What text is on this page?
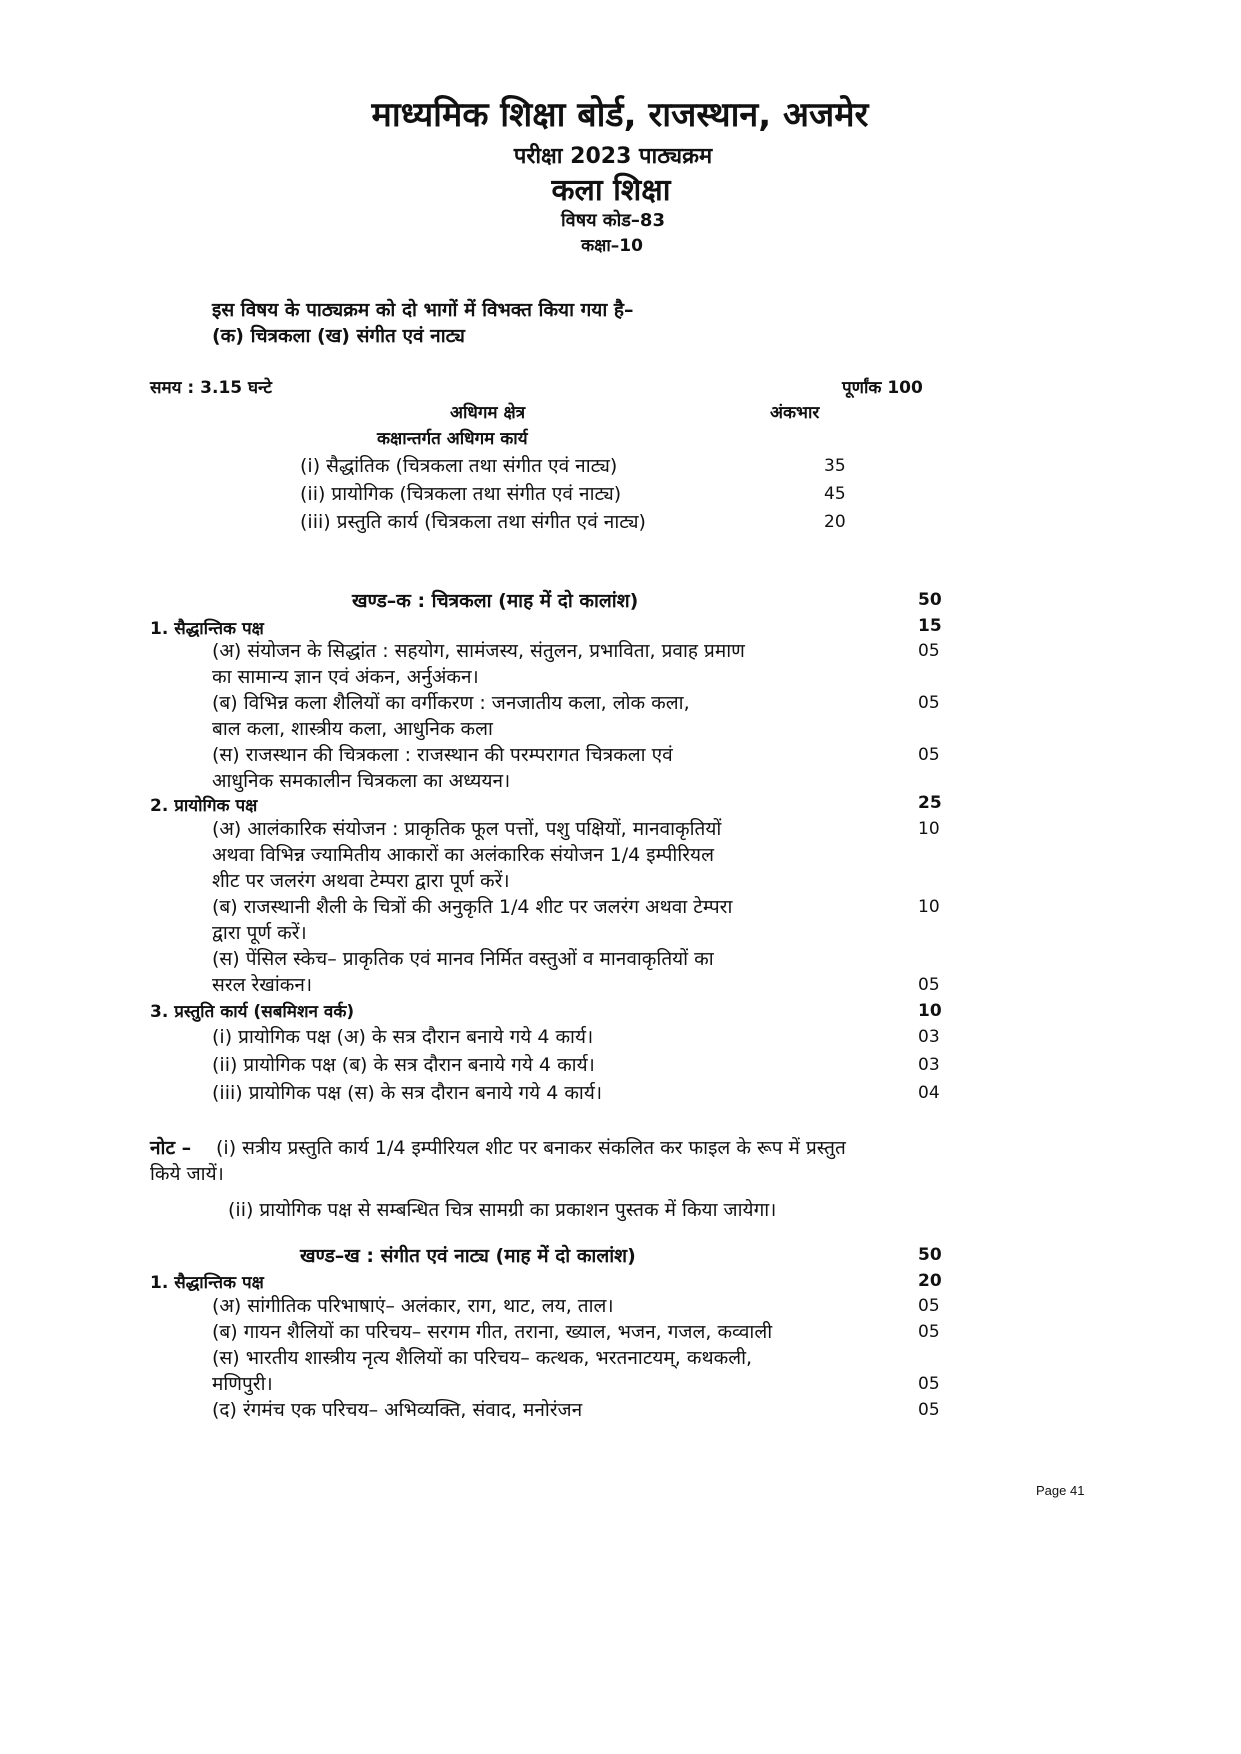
माध्यमिक शिक्षा बोर्ड, राजस्थान, अजमेर
परीक्षा 2023 पाठ्यक्रम
कला शिक्षा
विषय कोड–83
कक्षा–10
इस विषय के पाठ्यक्रम को दो भागों में विभक्त किया गया है–
(क) चित्रकला (ख) संगीत एवं नाट्य
समय : 3.15 घन्टे	पूर्णांक 100
अधिगम क्षेत्र	अंकभार
कक्षान्तर्गत अधिगम कार्य
(i) सैद्धांतिक (चित्रकला तथा संगीत एवं नाट्य)	35
(ii) प्रायोगिक (चित्रकला तथा संगीत एवं नाट्य)	45
(iii) प्रस्तुति कार्य (चित्रकला तथा संगीत एवं नाट्य)	20
खण्ड–क : चित्रकला (माह में दो कालांश)	50
1. सैद्धान्तिक पक्ष	15
(अ) संयोजन के सिद्धांत : सहयोग, सामंजस्य, संतुलन, प्रभाविता, प्रवाह प्रमाण	05
का सामान्य ज्ञान एवं अंकन, अर्नुअंकन।
(ब) विभिन्न कला शैलियों का वर्गीकरण : जनजातीय कला, लोक कला,	05
बाल कला, शास्त्रीय कला, आधुनिक कला
(स) राजस्थान की चित्रकला : राजस्थान की परम्परागत चित्रकला एवं	05
आधुनिक समकालीन चित्रकला का अध्ययन।
2. प्रायोगिक पक्ष	25
(अ) आलंकारिक संयोजन : प्राकृतिक फूल पत्तों, पशु पक्षियों, मानवाकृतियों	10
अथवा विभिन्न ज्यामितीय आकारों का अलंकारिक संयोजन 1/4 इम्पीरियल
शीट पर जलरंग अथवा टेम्परा द्वारा पूर्ण करें।
(ब) राजस्थानी शैली के चित्रों की अनुकृति 1/4 शीट पर जलरंग अथवा टेम्परा	10
द्वारा पूर्ण करें।
(स) पेंसिल स्केच– प्राकृतिक एवं मानव निर्मित वस्तुओं व मानवाकृतियों का
सरल रेखांकन।	05
3. प्रस्तुति कार्य (सबमिशन वर्क)	10
(i) प्रायोगिक पक्ष (अ) के सत्र दौरान बनाये गये 4 कार्य।	03
(ii) प्रायोगिक पक्ष (ब) के सत्र दौरान बनाये गये 4 कार्य।	03
(iii) प्रायोगिक पक्ष (स) के सत्र दौरान बनाये गये 4 कार्य।	04
नोट – (i) सत्रीय प्रस्तुति कार्य 1/4 इम्पीरियल शीट पर बनाकर संकलित कर फाइल के रूप में प्रस्तुत
किये जायें।
(ii) प्रायोगिक पक्ष से सम्बन्धित चित्र सामग्री का प्रकाशन पुस्तक में किया जायेगा।
खण्ड–ख : संगीत एवं नाट्य (माह में दो कालांश)	50
1. सैद्धान्तिक पक्ष	20
(अ) सांगीतिक परिभाषाएं– अलंकार, राग, थाट, लय, ताल।	05
(ब) गायन शैलियों का परिचय– सरगम गीत, तराना, ख्याल, भजन, गजल, कव्वाली	05
(स) भारतीय शास्त्रीय नृत्य शैलियों का परिचय– कत्थक, भरतनाटयम्, कथकली,
मणिपुरी।	05
(द) रंगमंच एक परिचय– अभिव्यक्ति, संवाद, मनोरंजन	05
Page 41
